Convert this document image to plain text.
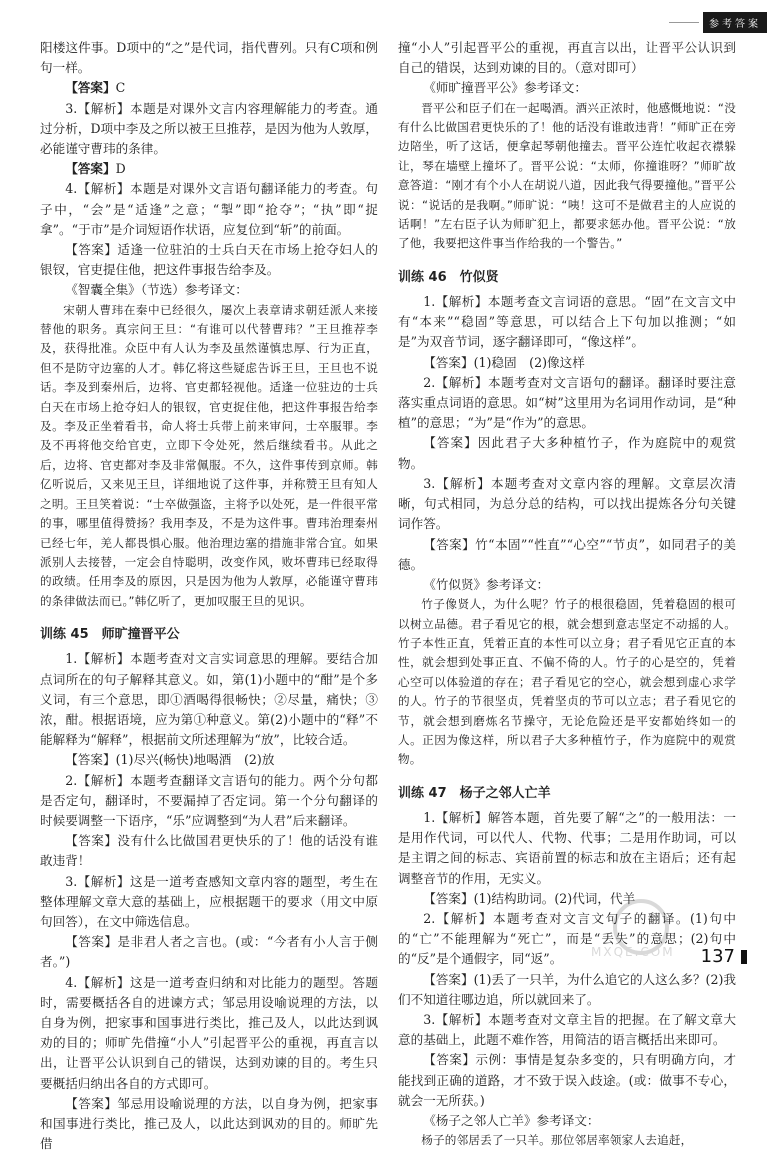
参考答案

阳楼这件事。D项中的“之”是代词，指代曹列。只有C项和例句一样。

【答案】C

3.【解析】本题是对课外文言内容理解能力的考查。通过分析，D项中李及之所以被王旦推荐，是因为他为人敦厚，必能谨守曹玮的条律。

【答案】D

4.【解析】本题是对课外文言语句翻译能力的考查。句子中，“会”是“适逢”之意；“掣”即“抢夺”；“执”即“捉拿”。“于市”是介词短语作状语，应复位到“斩”的前面。

【答案】适逢一位驻泊的士兵白天在市场上抢夺妇人的银钗，官吏提住他，把这件事报告给李及。

《智囊全集》（节选）参考译文：

宋朝人曹玮在秦中已经很久，屡次上表章请求朝廷派人来接替他的职务。真宗问王旦：“有谁可以代替曹玮？”王旦推荐李及，获得批准。众臣中有人认为李及虽然谨慎忠厚、行为正直，但不是防守边塞的人才。韩亿将这些疑虑告诉王旦，王旦也不说话。李及到秦州后，边将、官吏都轻视他。适逢一位驻边的士兵白天在市场上抢夺妇人的银钗，官吏捉住他，把这件事报告给李及。李及正坐着看书，命人将士兵带上前来审问，士卒服罪。李及不再将他交给官吏，立即下令处死，然后继续看书。从此之后，边将、官吏都对李及非常佩服。不久，这件事传到京师。韩亿听说后，又来见王旦，详细地说了这件事，并称赞王旦有知人之明。王旦笑着说：“士卒做强盗，主将予以处死，是一件很平常的事，哪里值得赞扬？我用李及，不是为这件事。曹玮治理秦州已经七年，羌人都畏惧心服。他治理边塞的措施非常合宜。如果派别人去接替，一定会自恃聪明，改变作风，败坏曹玮已经取得的政绩。任用李及的原因，只是因为他为人敦厚，必能谨守曹玮的条律做法而已。”韩亿听了，更加叹服王旦的见识。

训练 45　师旷撞晋平公

1.【解析】本题考查对文言实词意思的理解。要结合加点词所在的句子解释其意义。如，第(1)小题中的“酣”是个多义词，有三个意思，即①酒喝得很畅快；②尽量，痛快；③浓，酣。根据语境，应为第①种意义。第(2)小题中的“释”不能解释为“解释”，根据前文所述理解为“放”，比较合适。

【答案】(1)尽兴(畅快)地喝酒　(2)放

2.【解析】本题考查翻译文言语句的能力。两个分句都是否定句，翻译时，不要漏掉了否定词。第一个分句翻译的时候要调整一下语序，“乐”应调整到“为人君”后来翻译。

【答案】没有什么比做国君更快乐的了！他的话没有谁敢违背！

3.【解析】这是一道考查感知文章内容的题型，考生在整体理解文章大意的基础上，应根据题干的要求（用文中原句回答），在文中筛选信息。

【答案】是非君人者之言也。(或：“今者有小人言于侧者。”)

4.【解析】这是一道考查归纳和对比能力的题型。答题时，需要概括各自的进谏方式；邹忌用设喻说理的方法，以自身为例，把家事和国事进行类比，推己及人，以此达到讽劝的目的；师旷先借撞“小人”引起晋平公的重视，再直言以出，让晋平公认识到自己的错误，达到劝谏的目的。考生只要概括归纳出各自的方式即可。

【答案】邹忌用设喻说理的方法，以自身为例，把家事和国事进行类比，推己及人，以此达到讽劝的目的。师旷先借

撞“小人”引起晋平公的重视，再直言以出，让晋平公认识到自己的错误，达到劝谏的目的。（意对即可）

《师旷撞晋平公》参考译文：

晋平公和臣子们在一起喝酒。酒兴正浓时，他感慨地说：“没有什么比做国君更快乐的了！他的话没有谁敢违背！”师旷正在旁边陪坐，听了这话，便拿起琴朝他撞去。晋平公连忙收起衣襟躲让，琴在墙壁上撞坏了。晋平公说：“太师，你撞谁呀？”师旷故意答道：“刚才有个小人在胡说八道，因此我气得要撞他。”晋平公说：“说话的是我啊。”师旷说：“咦！这可不是做君主的人应说的话啊！”左右臣子认为师旷犯上，都要求惩办他。晋平公说：“放了他，我要把这件事当作给我的一个警告。”

训练 46　竹似贤

1.【解析】本题考查文言词语的意思。“固”在文言文中有“本来”“稳固”等意思，可以结合上下句加以推测；“如是”为双音节词，逐字翻译即可，“像这样”。

【答案】(1)稳固　(2)像这样

2.【解析】本题考查对文言语句的翻译。翻译时要注意落实重点词语的意思。如“树”这里用为名词用作动词，是“种植”的意思；“为”是“作为”的意思。

【答案】因此君子大多种植竹子，作为庭院中的观赏物。

3.【解析】本题考查对文章内容的理解。文章层次清晰，句式相同，为总分总的结构，可以找出提炼各分句关键词作答。

【答案】竹“本固”“性直”“心空”“节贞”，如同君子的美德。

《竹似贤》参考译文：

竹子像贤人，为什么呢？竹子的根很稳固，凭着稳固的根可以树立品德。君子看见它的根，就会想到意志坚定不动摇的人。竹子本性正直，凭着正直的本性可以立身；君子看见它正直的本性，就会想到处事正直、不偏不倚的人。竹子的心是空的，凭着心空可以体验道的存在；君子看见它的空心，就会想到虚心求学的人。竹子的节很坚贞，凭着坚贞的节可以立志；君子看见它的节，就会想到磨炼名节操守，无论危险还是平安都始终如一的人。正因为像这样，所以君子大多种植竹子，作为庭院中的观赏物。

训练 47　杨子之邻人亡羊

1.【解析】解答本题，首先要了解“之”的一般用法：一是用作代词，可以代人、代物、代事；二是用作助词，可以是主谓之间的标志、宾语前置的标志和放在主语后；还有起调整音节的作用，无实义。

【答案】(1)结构助词。(2)代词，代羊

2.【解析】本题考查对文言文句子的翻译。(1)句中的“亡”不能理解为“死亡”，而是“丢失”的意思；(2)句中的“反”是个通假字，同“返”。

【答案】(1)丢了一只羊，为什么追它的人这么多？(2)我们不知道往哪边追，所以就回来了。

3.【解析】本题考查对文章主旨的把握。在了解文章大意的基础上，此题不难作答，用简洁的语言概括出来即可。

【答案】示例：事情是复杂多变的，只有明确方向，才能找到正确的道路，才不致于误入歧途。(或：做事不专心，就会一无所获。)

《杨子之邻人亡羊》参考译文：

杨子的邻居丢了一只羊。那位邻居率领家人去追赶，

MXQE.COM 137
